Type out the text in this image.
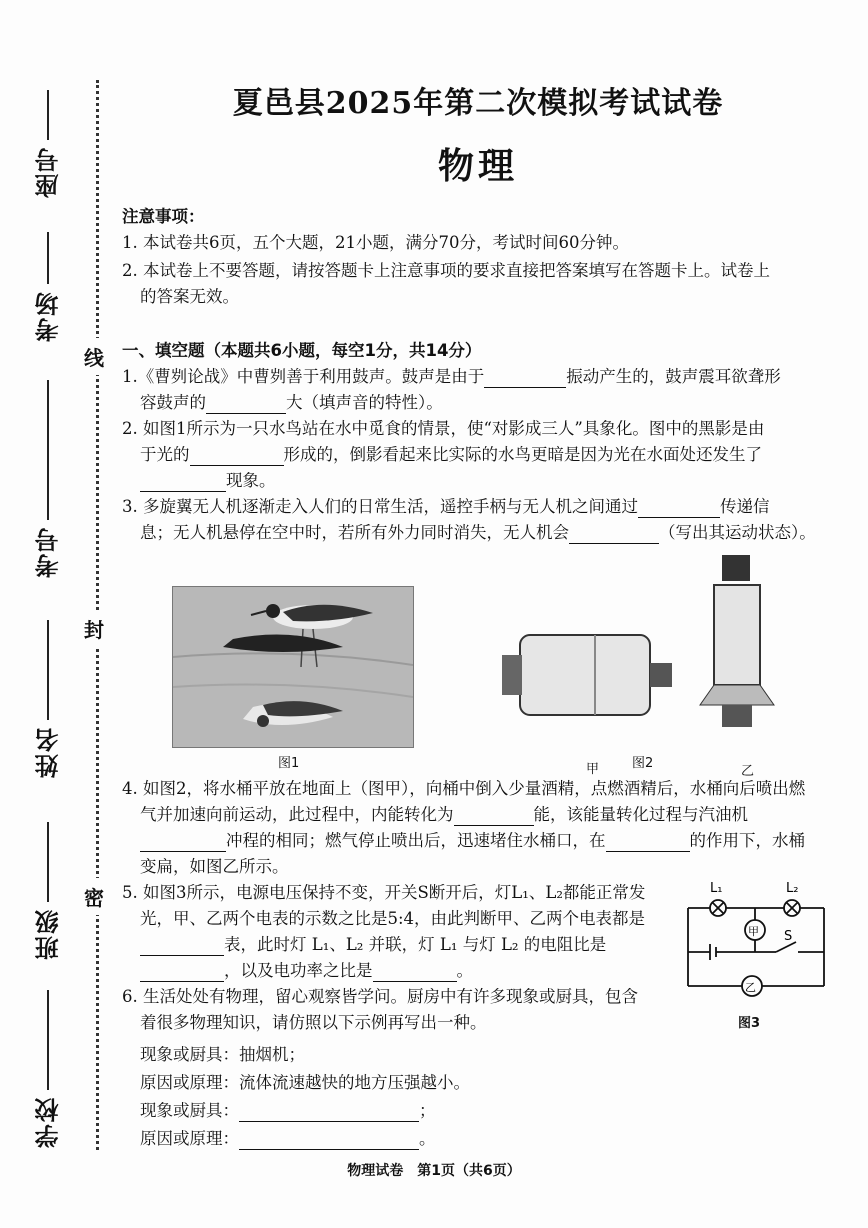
座号
考场
考号
姓名
班级
学校
线
封
密
夏邑县2025年第二次模拟考试试卷
物理
注意事项：
1. 本试卷共6页，五个大题，21小题，满分70分，考试时间60分钟。
2. 本试卷上不要答题，请按答题卡上注意事项的要求直接把答案填写在答题卡上。试卷上
的答案无效。
一、填空题（本题共6小题，每空1分，共14分）
1.《曹刿论战》中曹刿善于利用鼓声。鼓声是由于	振动产生的，鼓声震耳欲聋形
容鼓声的	大（填声音的特性）。
2. 如图1所示为一只水鸟站在水中觅食的情景，使“对影成三人”具象化。图中的黑影是由
于光的	形成的，倒影看起来比实际的水鸟更暗是因为光在水面处还发生了
现象。
3. 多旋翼无人机逐渐走入人们的日常生活，遥控手柄与无人机之间通过	传递信
息；无人机悬停在空中时，若所有外力同时消失，无人机会	（写出其运动状态）。
图1	甲	图2
乙
4. 如图2，将水桶平放在地面上（图甲），向桶中倒入少量酒精，点燃酒精后，水桶向后喷出燃
气并加速向前运动，此过程中，内能转化为	能，该能量转化过程与汽油机
冲程的相同；燃气停止喷出后，迅速堵住水桶口，在	的作用下，水桶
变扁，如图乙所示。
5. 如图3所示，电源电压保持不变，开关S断开后，灯L₁、L₂都能正常发
光，甲、乙两个电表的示数之比是5:4，由此判断甲、乙两个电表都是
表，此时灯 L₁、L₂ 并联，灯 L₁ 与灯 L₂ 的电阻比是
，以及电功率之比是	。
6. 生活处处有物理，留心观察皆学问。厨房中有许多现象或厨具，包含
着很多物理知识，请仿照以下示例再写出一种。
现象或厨具：抽烟机；
原因或原理：流体流速越快的地方压强越小。
现象或厨具：	；
原因或原理：	。
L₁	L₂
甲 S
乙
图3
物理试卷　第1页（共6页）
